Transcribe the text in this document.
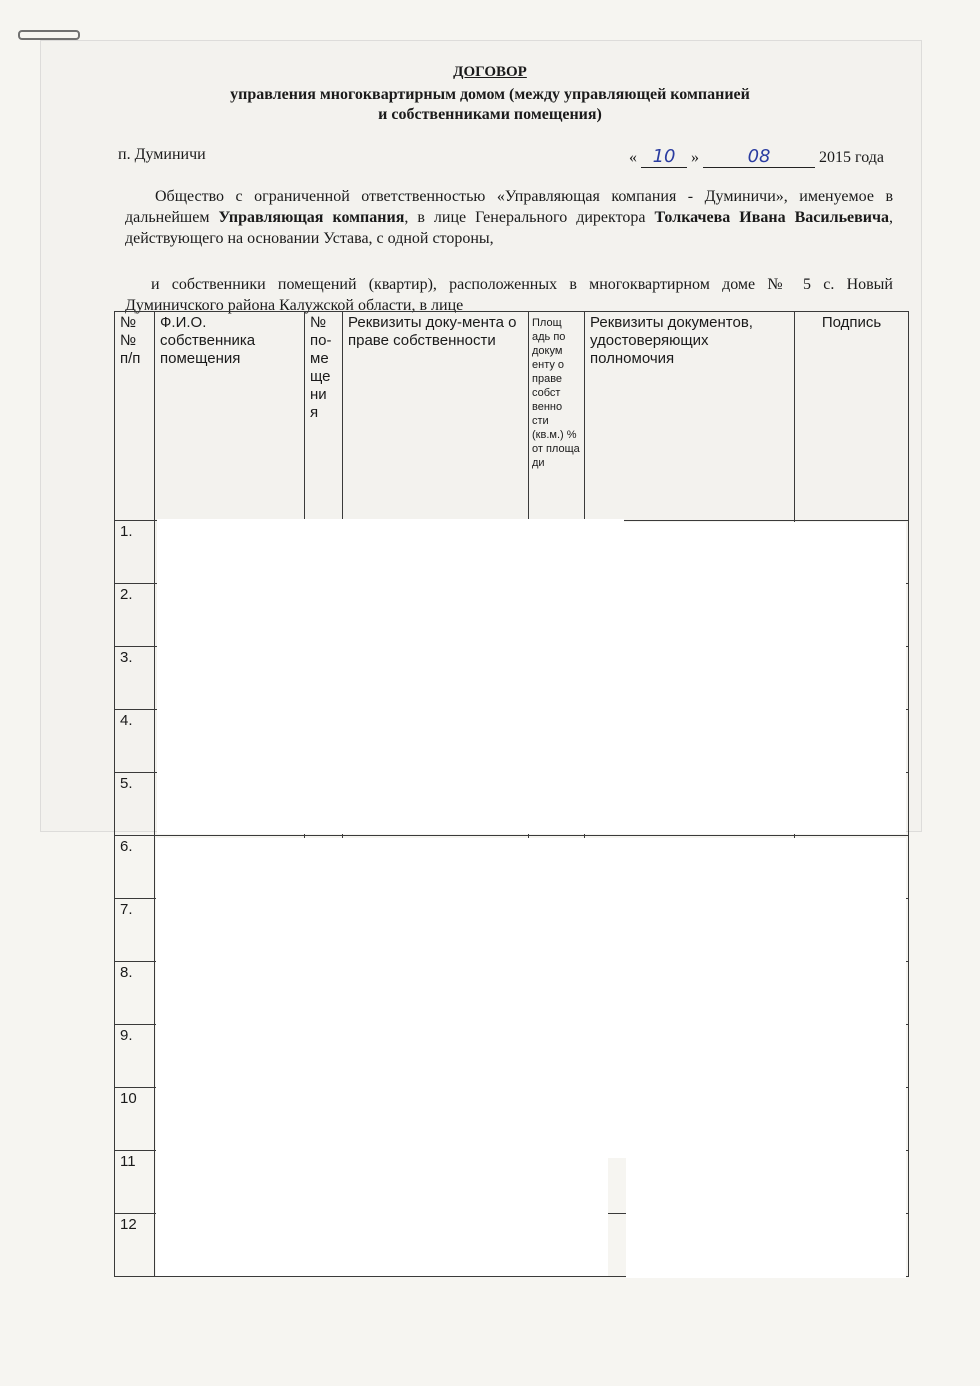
ДОГОВОР
управления многоквартирным домом (между управляющей компанией
и собственниками помещения)
п. Думиничи	« 10 »	08	2015 года
Общество с ограниченной ответственностью «Управляющая компания - Думиничи», именуемое в дальнейшем Управляющая компания, в лице Генерального директора Толкачева Ивана Васильевича, действующего на основании Устава, с одной стороны,
и собственники помещений (квартир), расположенных в многоквартирном доме № 5 с. Новый Думиничского района Калужской области, в лице
№ № п/п	Ф.И.О. собственника помещения	№ по-ме ще ни я	Реквизиты доку-мента о праве собственности	Площ адь по докум енту о праве собст венно сти (кв.м.) % от площа ди	Реквизиты документов, удостоверяющих полномочия	Подпись
1.						
2.						
3.						
4.						
5.						
6.						
7.						
8.						
9.						
10						
11						
12						
